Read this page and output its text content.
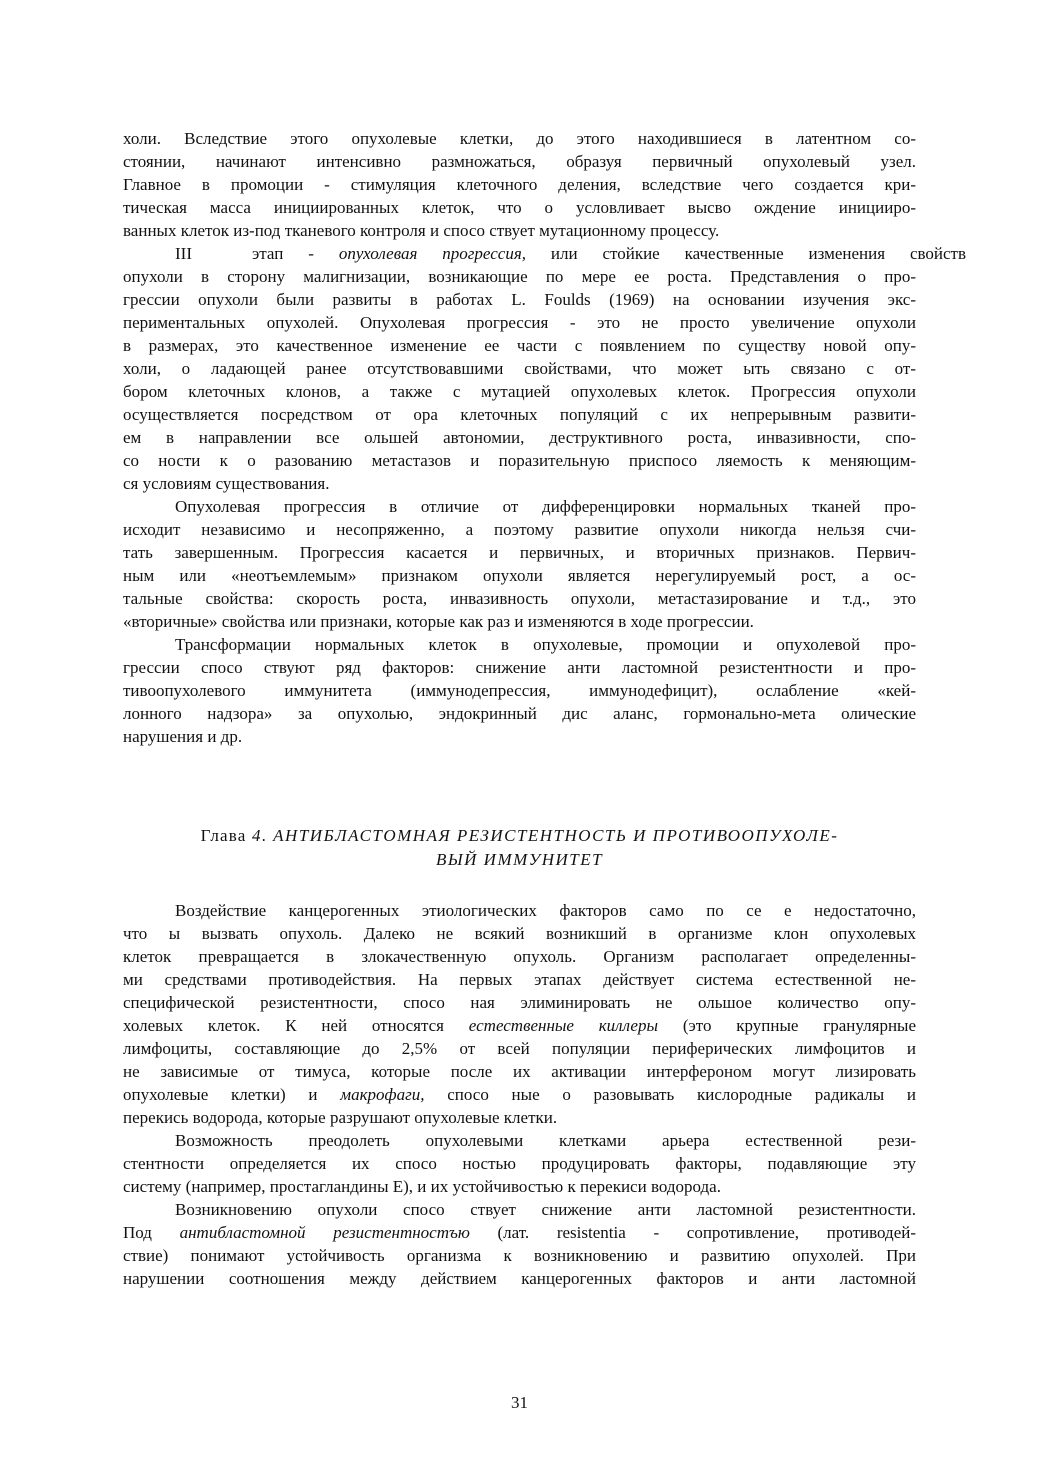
холи. Вследствие этого опухолевые клетки, до этого находившиеся в латентном со-
стоянии, начинают интенсивно размножаться, образуя первичный опухолевый узел.
Главное в промоции - стимуляция клеточного деления, вследствие чего создается кри-
тическая масса инициированных клеток, что о условливает высво ождение иницииро-
ванных клеток из-под тканевого контроля и спосо ствует мутационному процессу.

III	этап - опухолевая прогрессия, или стойкие качественные изменения свойств
опухоли в сторону малигнизации, возникающие по мере ее роста. Представления о про-
грессии опухоли были развиты в работах L. Foulds (1969) на основании изучения экс-
периментальных опухолей. Опухолевая прогрессия - это не просто увеличение опухоли
в размерах, это качественное изменение ее части с появлением по существу новой опу-
холи, о ладающей ранее отсутствовавшими свойствами, что может ыть связано с от-
бором клеточных клонов, а также с мутацией опухолевых клеток. Прогрессия опухоли
осуществляется посредством от ора клеточных популяций с их непрерывным развити-
ем в направлении все ольшей автономии, деструктивного роста, инвазивности, спо-
со ности к о разованию метастазов и поразительную приспосо ляемость к меняющим-
ся условиям существования.

Опухолевая прогрессия в отличие от дифференцировки нормальных тканей про-
исходит независимо и несопряженно, а поэтому развитие опухоли никогда нельзя счи-
тать завершенным. Прогрессия касается и первичных, и вторичных признаков. Первич-
ным или «неотъемлемым» признаком опухоли является нерегулируемый рост, а ос-
тальные свойства: скорость роста, инвазивность опухоли, метастазирование и т.д., это
«вторичные» свойства или признаки, которые как раз и изменяются в ходе прогрессии.

Трансформации нормальных клеток в опухолевые, промоции и опухолевой про-
грессии спосо ствуют ряд факторов: снижение анти ластомной резистентности и про-
тивоопухолевого иммунитета (иммунодепрессия, иммунодефицит), ослабление «кей-
лонного надзора» за опухолью, эндокринный дис аланс, гормонально-мета олические
нарушения и др.

Глава 4. АНТИБЛАСТОМНАЯ РЕЗИСТЕНТНОСТЬ И ПРОТИВООПУХОЛЕ-
ВЫЙ ИММУНИТЕТ

Воздействие канцерогенных этиологических факторов само по се е недостаточно,
что ы вызвать опухоль. Далеко не всякий возникший в организме клон опухолевых
клеток превращается в злокачественную опухоль. Организм располагает определенны-
ми средствами противодействия. На первых этапах действует система естественной не-
специфической резистентности, спосо ная элиминировать не ольшое количество опу-
холевых клеток. К ней относятся естественные киллеры (это крупные гранулярные
лимфоциты, составляющие до 2,5% от всей популяции периферических лимфоцитов и
не зависимые от тимуса, которые после их активации интерфероном могут лизировать
опухолевые клетки) и макрофаги, спосо ные о разовывать кислородные радикалы и
перекись водорода, которые разрушают опухолевые клетки.

Возможность преодолеть опухолевыми клетками арьера естественной рези-
стентности определяется их спосо ностью продуцировать факторы, подавляющие эту
систему (например, простагландины Е), и их устойчивостью к перекиси водорода.

Возникновению опухоли спосо ствует снижение анти ластомной резистентности.
Под антибластомной резистентностъю (лат. resistentia - сопротивление, противодей-
ствие) понимают устойчивость организма к возникновению и развитию опухолей. При
нарушении соотношения между действием канцерогенных факторов и анти ластомной

31
